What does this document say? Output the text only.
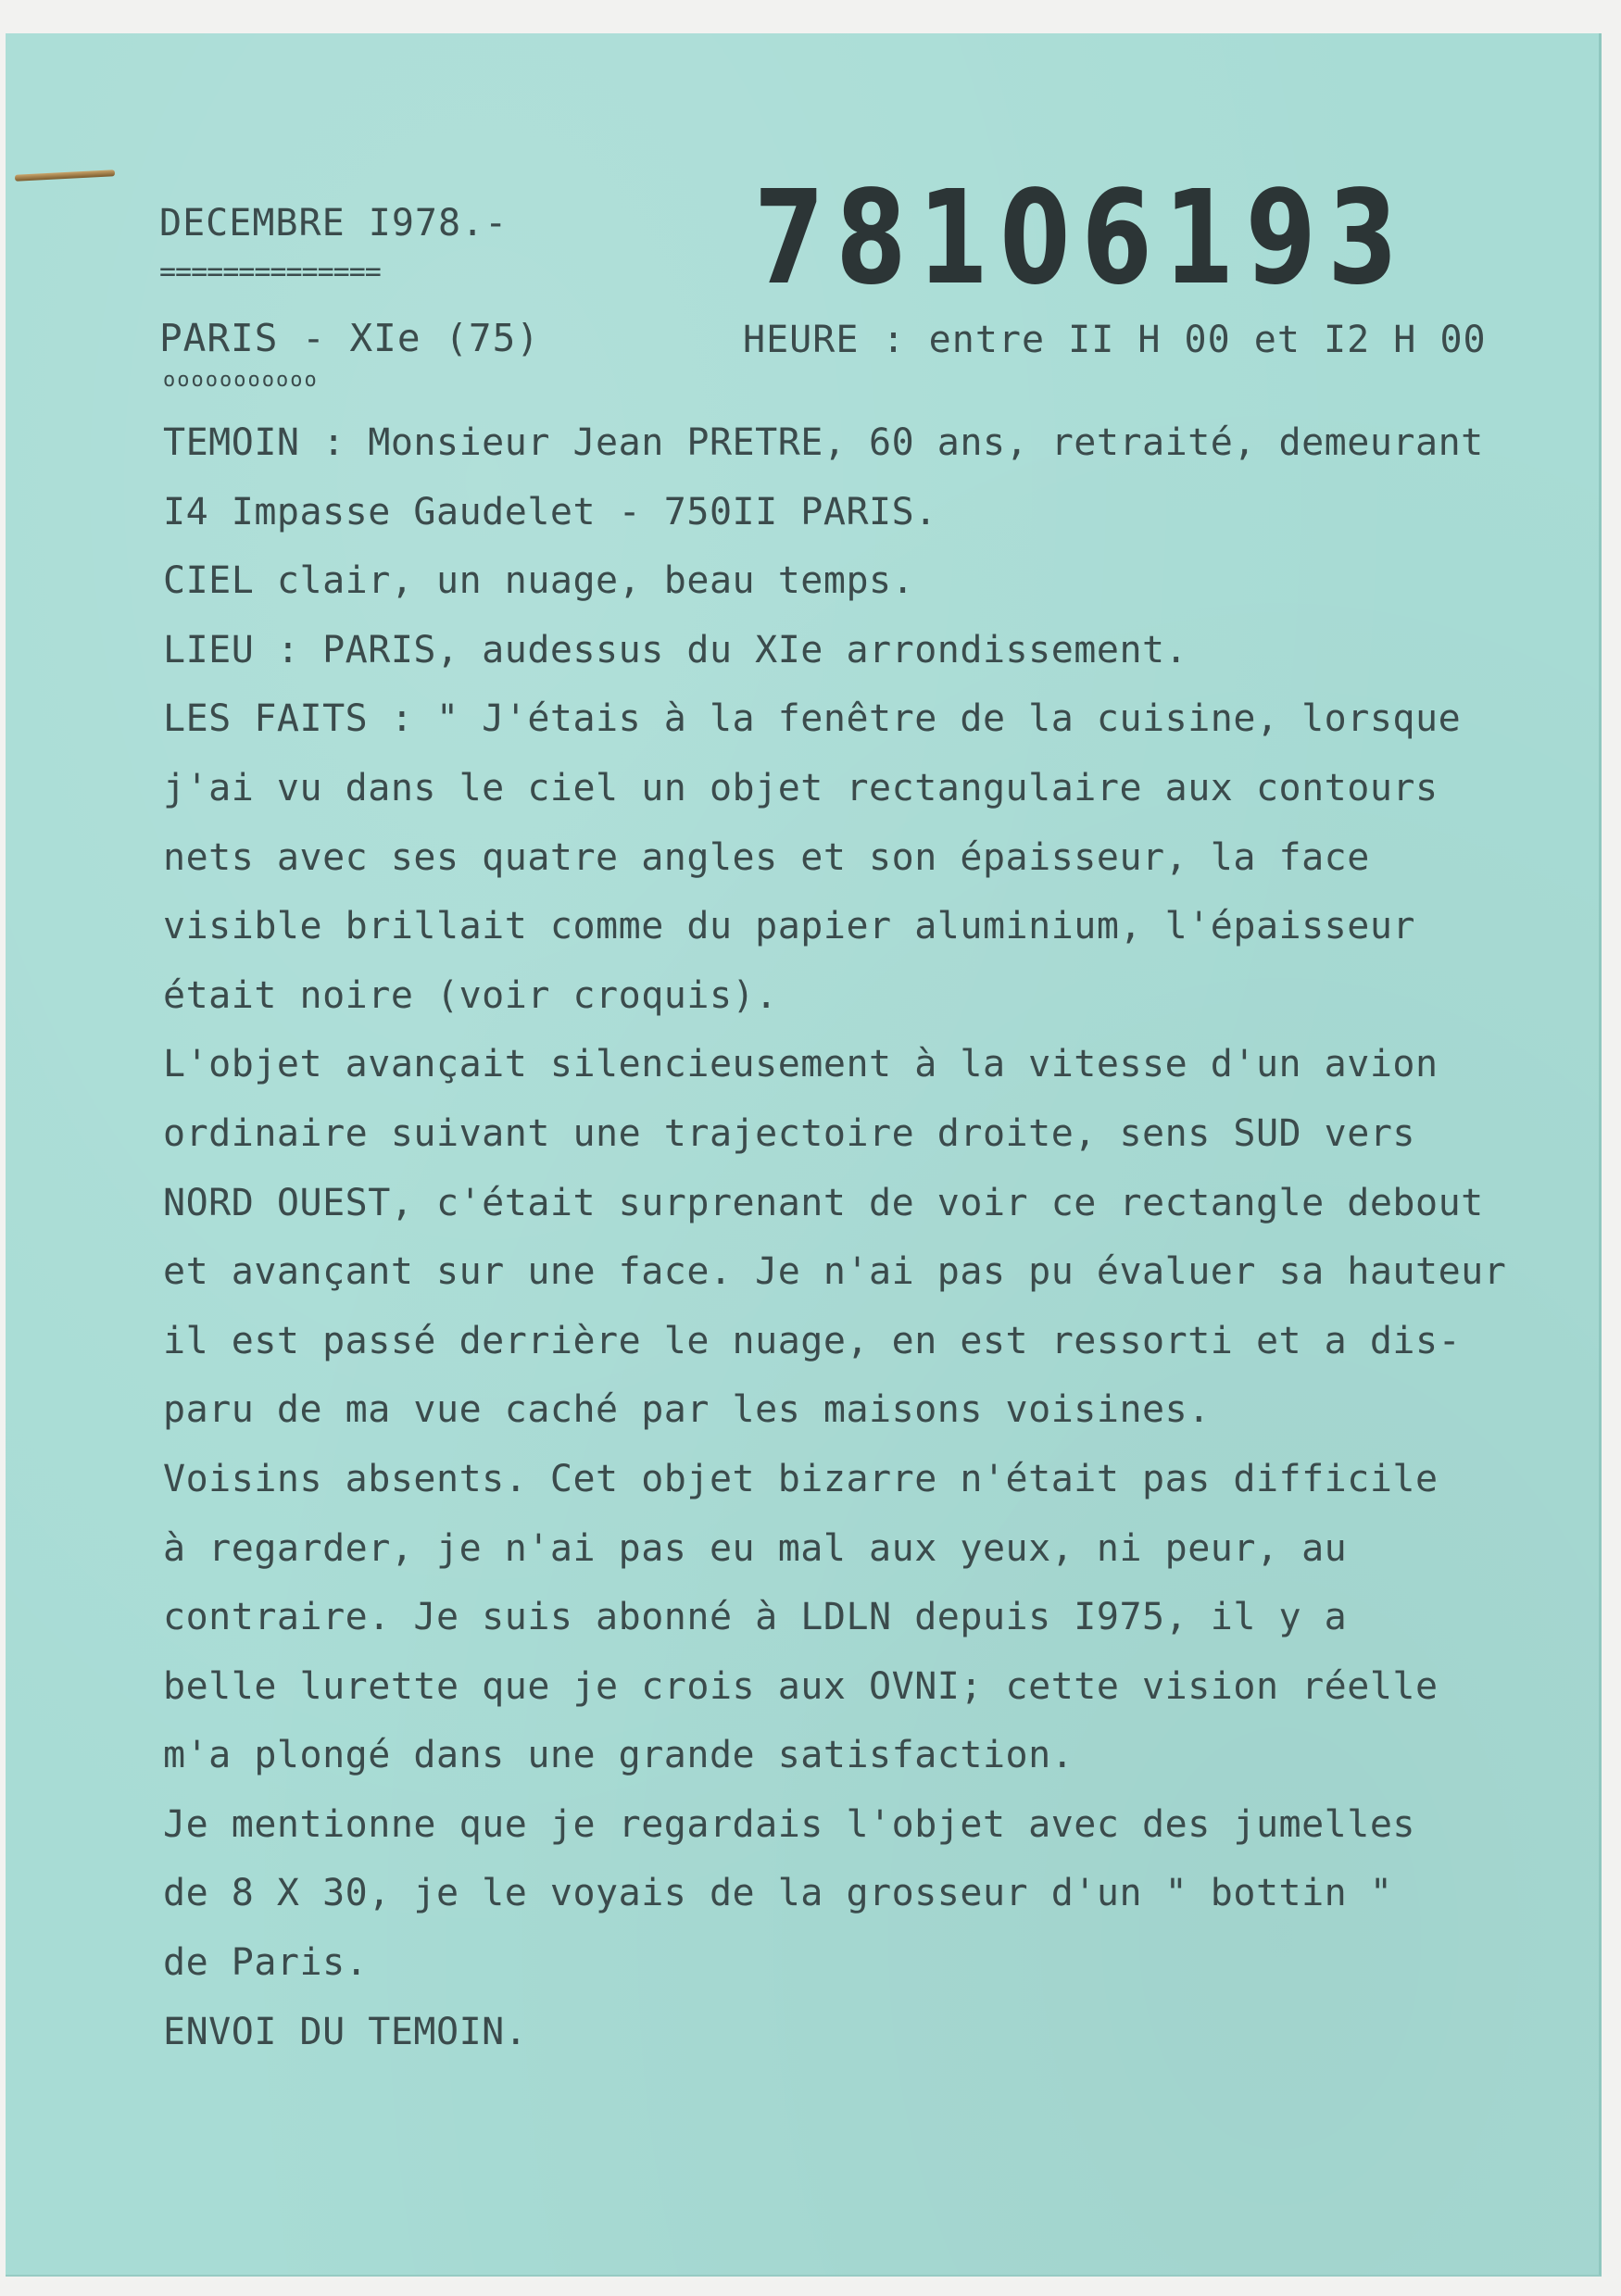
DECEMBRE I978.-
==============	78106193
PARIS - XIe (75)
ooooooooooo
HEURE : entre II H 00 et I2 H 00
TEMOIN : Monsieur Jean PRETRE, 60 ans, retraité, demeurant
I4 Impasse Gaudelet - 750II PARIS.
CIEL clair, un nuage, beau temps.
LIEU : PARIS, audessus du XIe arrondissement.
LES FAITS : " J'étais à la fenêtre de la cuisine, lorsque
j'ai vu dans le ciel un objet rectangulaire aux contours
nets avec ses quatre angles et son épaisseur, la face
visible brillait comme du papier aluminium, l'épaisseur
était noire (voir croquis).
L'objet avançait silencieusement à la vitesse d'un avion
ordinaire suivant une trajectoire droite, sens SUD vers
NORD OUEST, c'était surprenant de voir ce rectangle debout
et avançant sur une face. Je n'ai pas pu évaluer sa hauteur
il est passé derrière le nuage, en est ressorti et a dis-
paru de ma vue caché par les maisons voisines.
Voisins absents. Cet objet bizarre n'était pas difficile
à regarder, je n'ai pas eu mal aux yeux, ni peur, au
contraire. Je suis abonné à LDLN depuis I975, il y a
belle lurette que je crois aux OVNI; cette vision réelle
m'a plongé dans une grande satisfaction.
Je mentionne que je regardais l'objet avec des jumelles
de 8 X 30, je le voyais de la grosseur d'un " bottin "
de Paris.
ENVOI DU TEMOIN.
